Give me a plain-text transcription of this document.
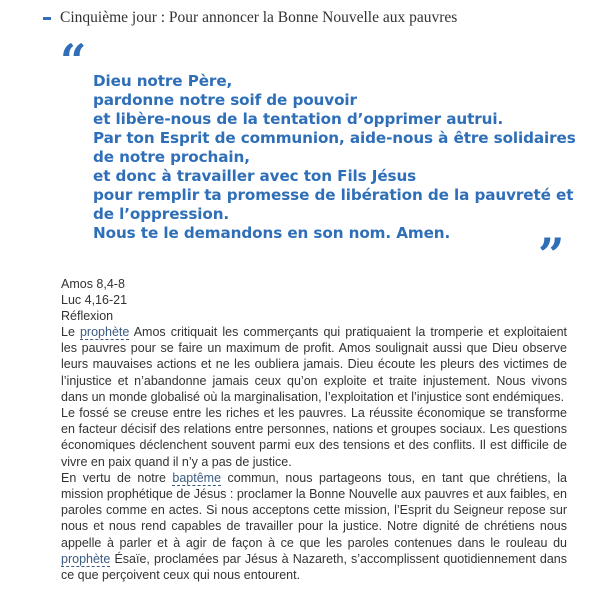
Cinquième jour : Pour annoncer la Bonne Nouvelle aux pauvres
“ Dieu notre Père,
pardonne notre soif de pouvoir
et libère-nous de la tentation d’opprimer autrui.
Par ton Esprit de communion, aide-nous à être solidaires
de notre prochain,
et donc à travailler avec ton Fils Jésus
pour remplir ta promesse de libération de la pauvreté et
de l’oppression.
Nous te le demandons en son nom. Amen.	”
Amos 8,4-8
Luc 4,16-21
Réflexion

Le prophète Amos critiquait les commerçants qui pratiquaient la tromperie et exploitaient les pauvres pour se faire un maximum de profit. Amos soulignait aussi que Dieu observe leurs mauvaises actions et ne les oubliera jamais. Dieu écoute les pleurs des victimes de l’injustice et n’abandonne jamais ceux qu’on exploite et traite injustement. Nous vivons dans un monde globalisé où la marginalisation, l’exploitation et l’injustice sont endémiques.

Le fossé se creuse entre les riches et les pauvres. La réussite économique se transforme en facteur décisif des relations entre personnes, nations et groupes sociaux. Les questions économiques déclenchent souvent parmi eux des tensions et des conflits. Il est difficile de vivre en paix quand il n’y a pas de justice.

En vertu de notre baptême commun, nous partageons tous, en tant que chrétiens, la mission prophétique de Jésus : proclamer la Bonne Nouvelle aux pauvres et aux faibles, en paroles comme en actes. Si nous acceptons cette mission, l’Esprit du Seigneur repose sur nous et nous rend capables de travailler pour la justice. Notre dignité de chrétiens nous appelle à parler et à agir de façon à ce que les paroles contenues dans le rouleau du prophète Ésaïe, proclamées par Jésus à Nazareth, s’accomplissent quotidiennement dans ce que perçoivent ceux qui nous entourent.
